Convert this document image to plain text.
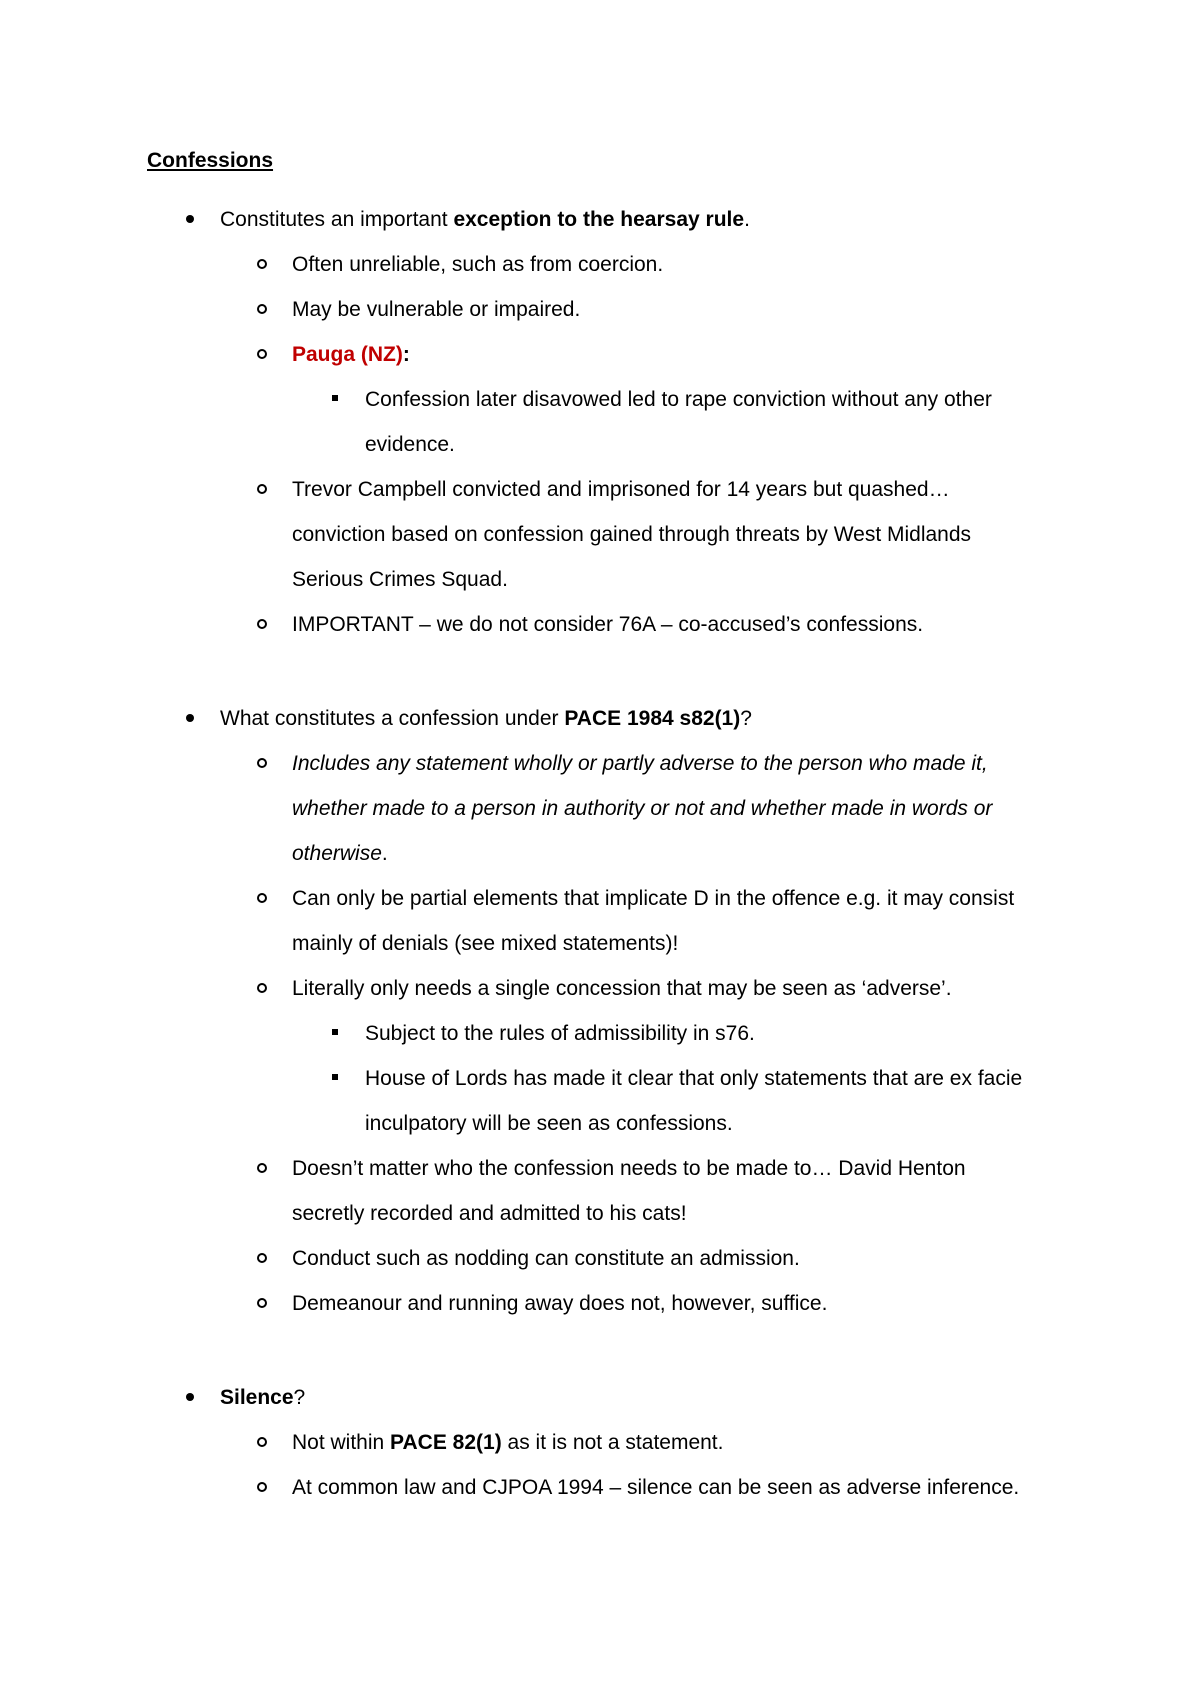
Confessions
Constitutes an important exception to the hearsay rule.
Often unreliable, such as from coercion.
May be vulnerable or impaired.
Pauga (NZ):
Confession later disavowed led to rape conviction without any other
evidence.
Trevor Campbell convicted and imprisoned for 14 years but quashed…
conviction based on confession gained through threats by West Midlands
Serious Crimes Squad.
IMPORTANT – we do not consider 76A – co-accused’s confessions.
What constitutes a confession under PACE 1984 s82(1)?
Includes any statement wholly or partly adverse to the person who made it,
whether made to a person in authority or not and whether made in words or
otherwise.
Can only be partial elements that implicate D in the offence e.g. it may consist
mainly of denials (see mixed statements)!
Literally only needs a single concession that may be seen as ‘adverse’.
Subject to the rules of admissibility in s76.
House of Lords has made it clear that only statements that are ex facie
inculpatory will be seen as confessions.
Doesn’t matter who the confession needs to be made to… David Henton
secretly recorded and admitted to his cats!
Conduct such as nodding can constitute an admission.
Demeanour and running away does not, however, suffice.
Silence?
Not within PACE 82(1) as it is not a statement.
At common law and CJPOA 1994 – silence can be seen as adverse inference.
